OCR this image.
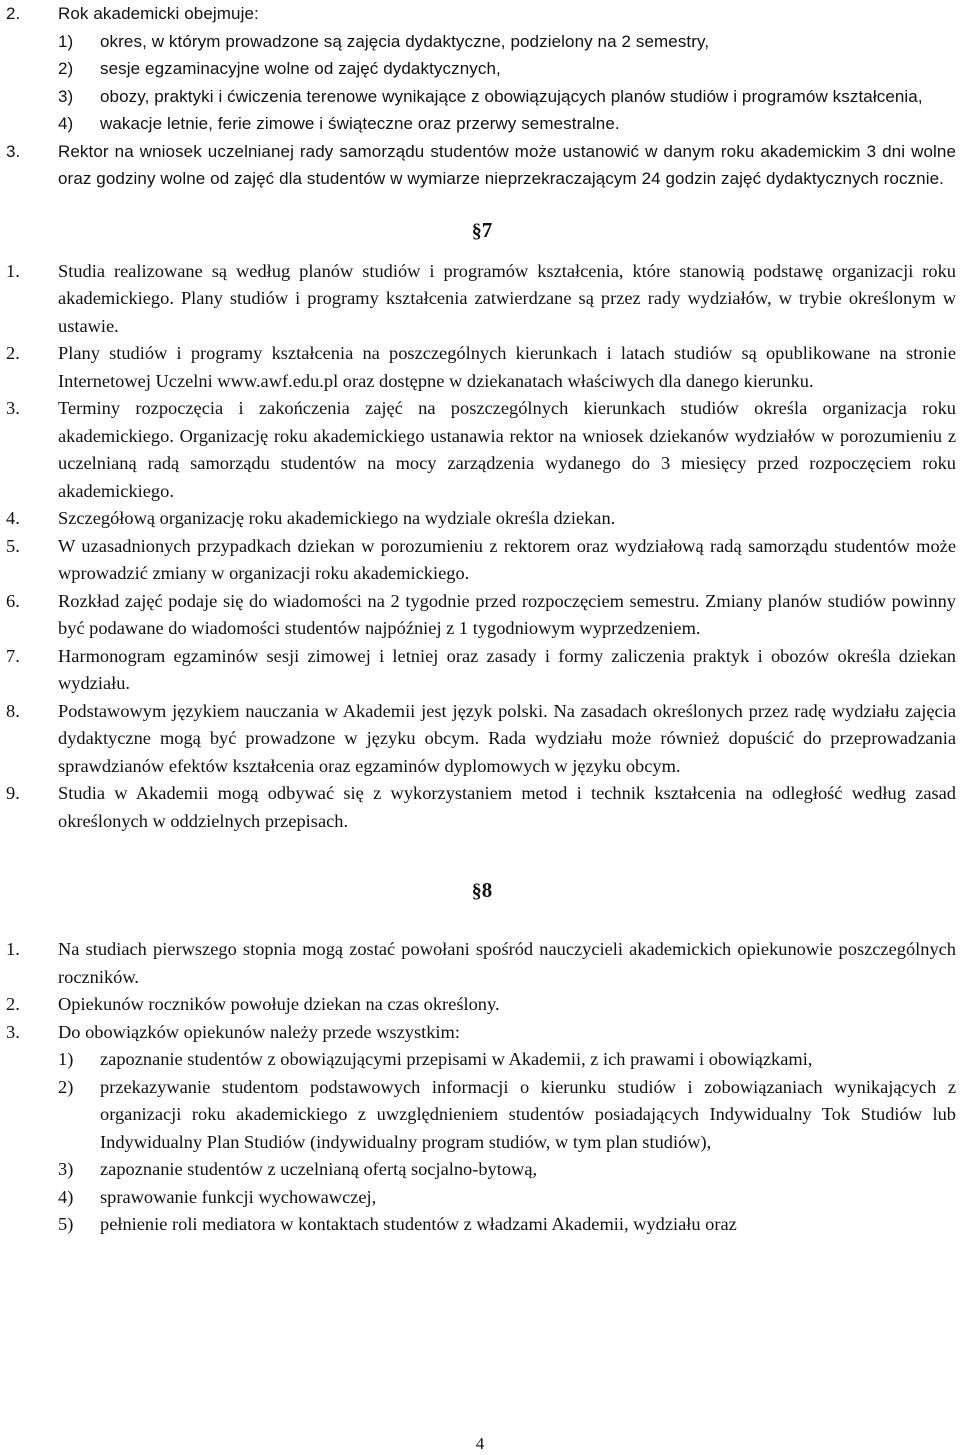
2. Rok akademicki obejmuje:
1) okres, w którym prowadzone są zajęcia dydaktyczne, podzielony na 2 semestry,
2) sesje egzaminacyjne wolne od zajęć dydaktycznych,
3) obozy, praktyki i ćwiczenia terenowe wynikające z obowiązujących planów studiów i programów kształcenia,
4) wakacje letnie, ferie zimowe i świąteczne oraz przerwy semestralne.
3. Rektor na wniosek uczelnianej rady samorządu studentów może ustanowić w danym roku akademickim 3 dni wolne oraz godziny wolne od zajęć dla studentów w wymiarze nieprzekraczającym 24 godzin zajęć dydaktycznych rocznie.
§7
1. Studia realizowane są według planów studiów i programów kształcenia, które stanowią podstawę organizacji roku akademickiego. Plany studiów i programy kształcenia zatwierdzane są przez rady wydziałów, w trybie określonym w ustawie.
2. Plany studiów i programy kształcenia na poszczególnych kierunkach i latach studiów są opublikowane na stronie Internetowej Uczelni www.awf.edu.pl oraz dostępne w dziekanatach właściwych dla danego kierunku.
3. Terminy rozpoczęcia i zakończenia zajęć na poszczególnych kierunkach studiów określa organizacja roku akademickiego. Organizację roku akademickiego ustanawia rektor na wniosek dziekanów wydziałów w porozumieniu z uczelnianą radą samorządu studentów na mocy zarządzenia wydanego do 3 miesięcy przed rozpoczęciem roku akademickiego.
4. Szczegółową organizację roku akademickiego na wydziale określa dziekan.
5. W uzasadnionych przypadkach dziekan w porozumieniu z rektorem oraz wydziałową radą samorządu studentów może wprowadzić zmiany w organizacji roku akademickiego.
6. Rozkład zajęć podaje się do wiadomości na 2 tygodnie przed rozpoczęciem semestru. Zmiany planów studiów powinny być podawane do wiadomości studentów najpóźniej z 1 tygodniowym wyprzedzeniem.
7. Harmonogram egzaminów sesji zimowej i letniej oraz zasady i formy zaliczenia praktyk i obozów określa dziekan wydziału.
8. Podstawowym językiem nauczania w Akademii jest język polski. Na zasadach określonych przez radę wydziału zajęcia dydaktyczne mogą być prowadzone w języku obcym. Rada wydziału może również dopuścić do przeprowadzania sprawdzianów efektów kształcenia oraz egzaminów dyplomowych w języku obcym.
9. Studia w Akademii mogą odbywać się z wykorzystaniem metod i technik kształcenia na odległość według zasad określonych w oddzielnych przepisach.
§8
1. Na studiach pierwszego stopnia mogą zostać powołani spośród nauczycieli akademickich opiekunowie poszczególnych roczników.
2. Opiekunów roczników powołuje dziekan na czas określony.
3. Do obowiązków opiekunów należy przede wszystkim:
1) zapoznanie studentów z obowiązującymi przepisami w Akademii, z ich prawami i obowiązkami,
2) przekazywanie studentom podstawowych informacji o kierunku studiów i zobowiązaniach wynikających z organizacji roku akademickiego z uwzględnieniem studentów posiadających Indywidualny Tok Studiów lub Indywidualny Plan Studiów (indywidualny program studiów, w tym plan studiów),
3) zapoznanie studentów z uczelnianą ofertą socjalno-bytową,
4) sprawowanie funkcji wychowawczej,
5) pełnienie roli mediatora w kontaktach studentów z władzami Akademii, wydziału oraz
4
